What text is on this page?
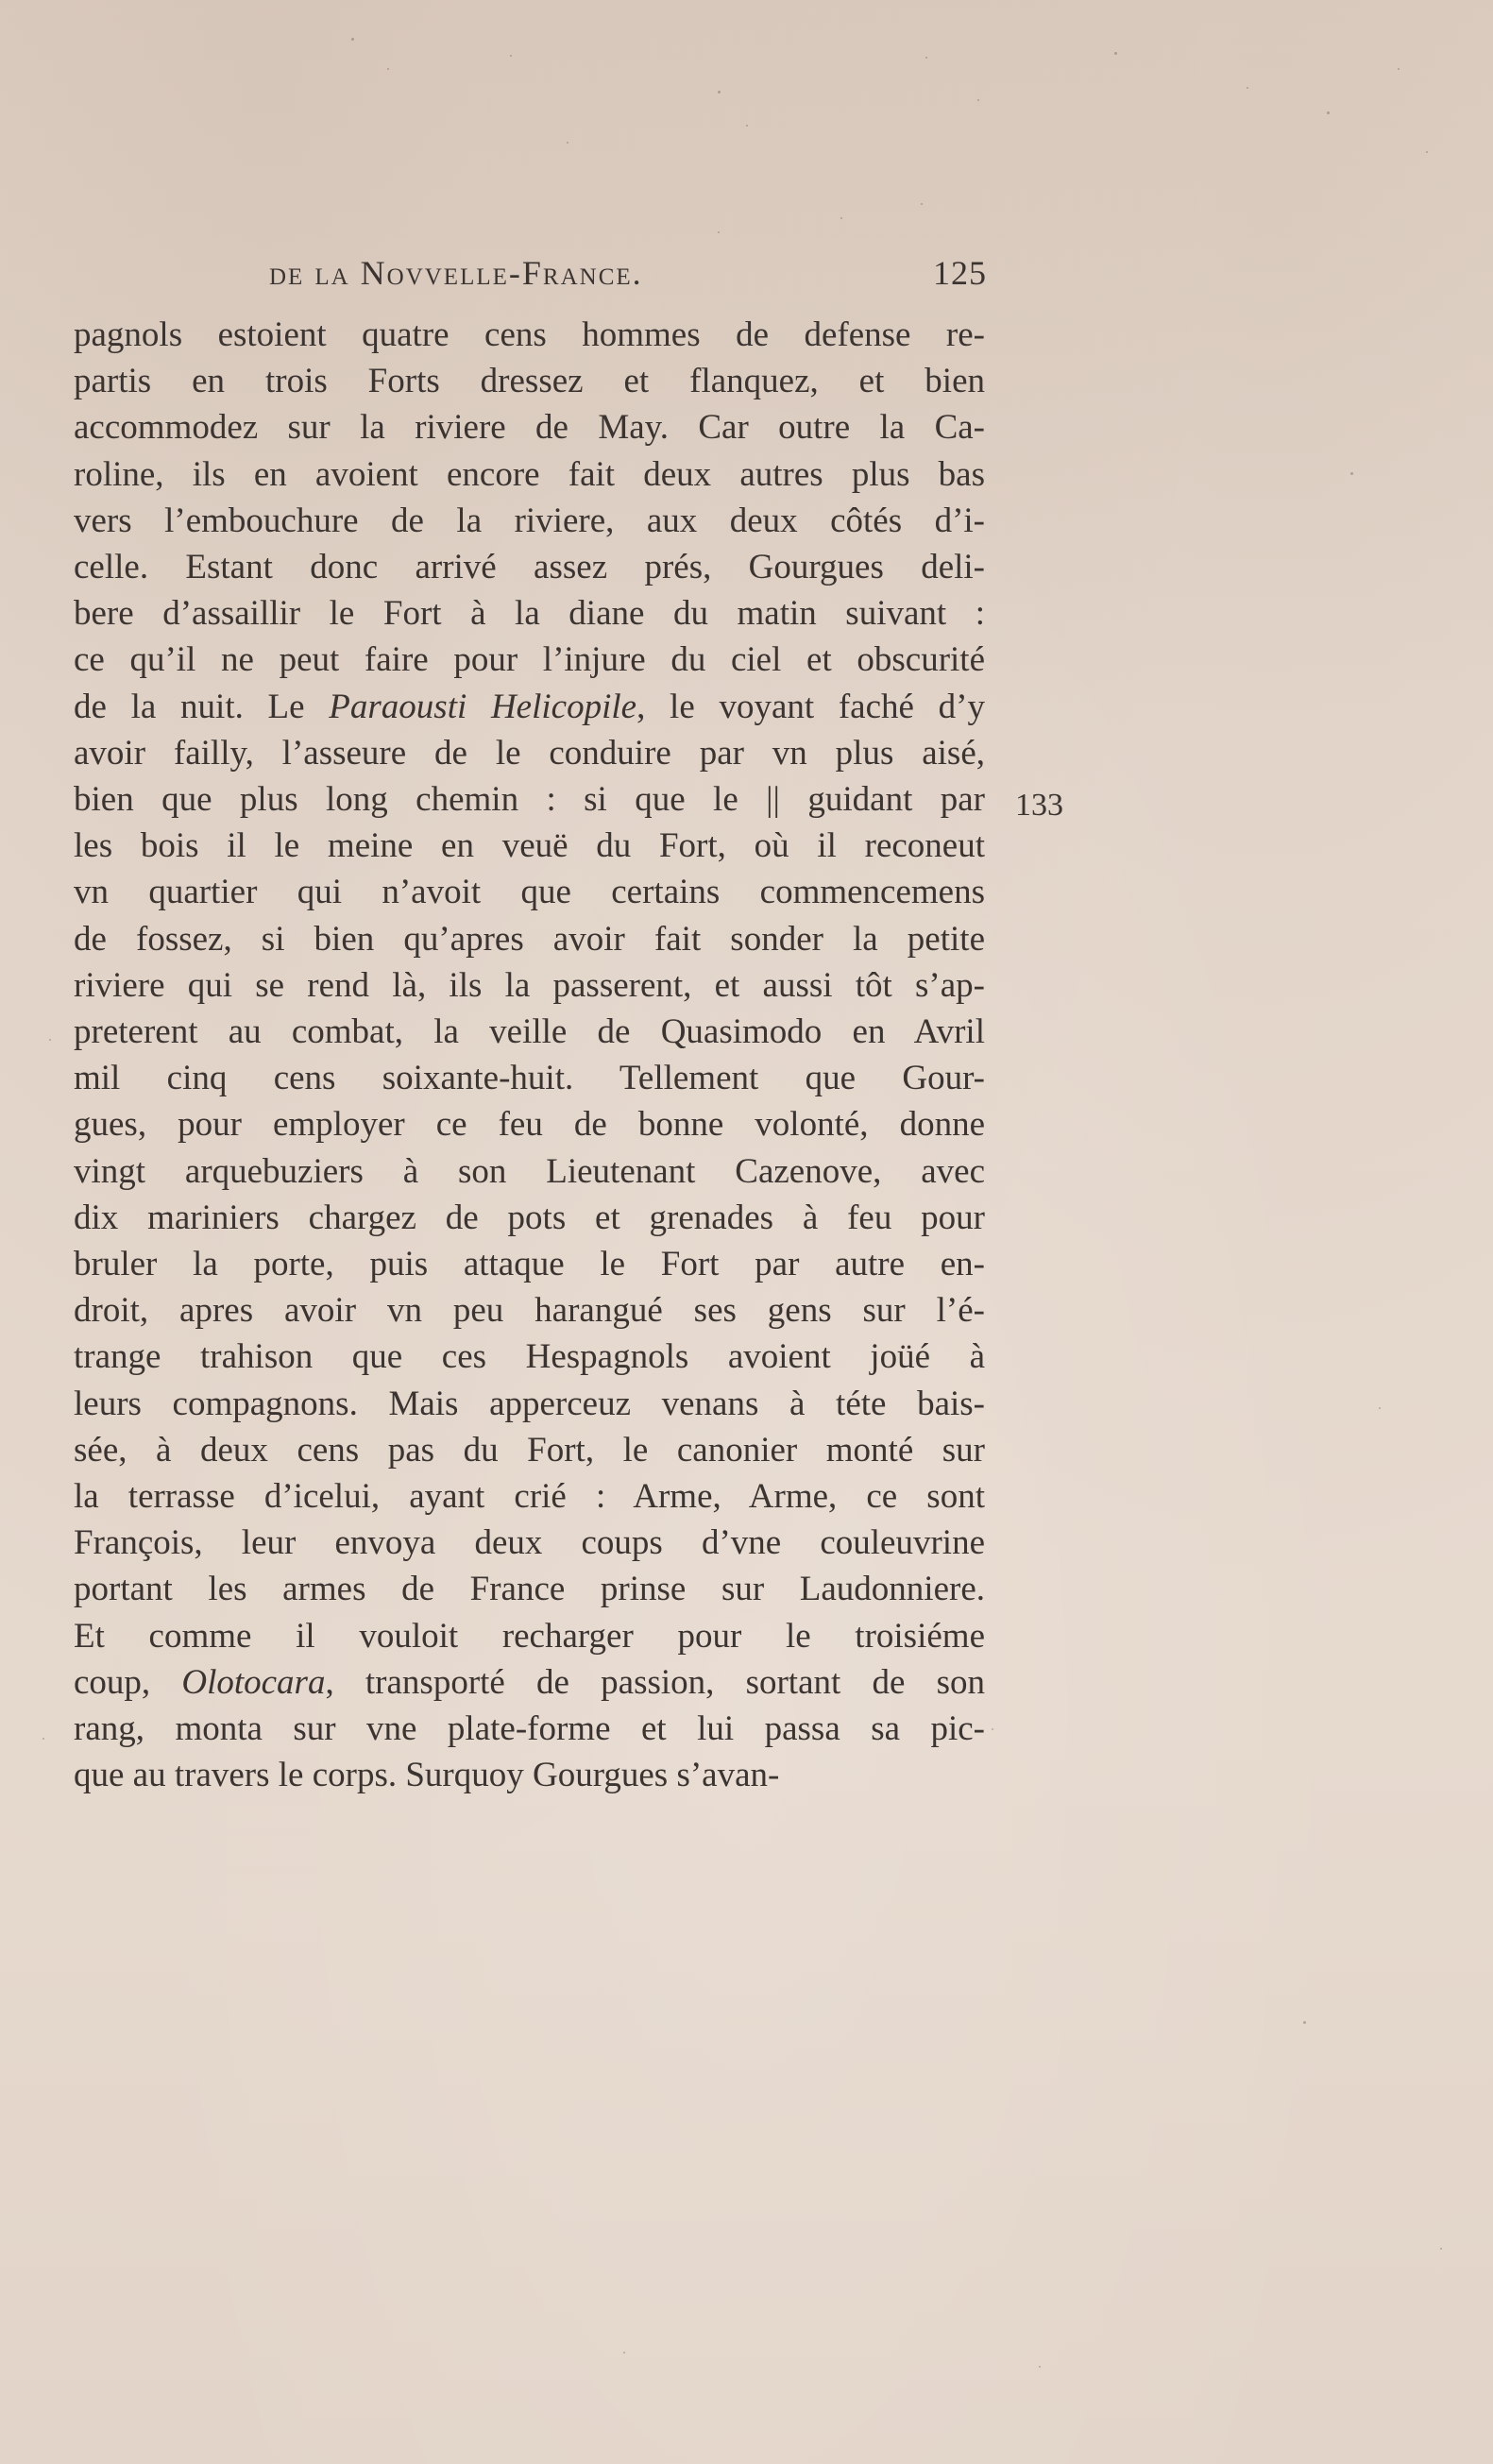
de la Novvelle-France.	125
pagnols estoient quatre cens hommes de defense re-
partis en trois Forts dressez et flanquez, et bien
accommodez sur la riviere de May. Car outre la Ca-
roline, ils en avoient encore fait deux autres plus bas
vers l’embouchure de la riviere, aux deux côtés d’i-
celle. Estant donc arrivé assez prés, Gourgues deli-
bere d’assaillir le Fort à la diane du matin suivant :
ce qu’il ne peut faire pour l’injure du ciel et obscurité
de la nuit. Le Paraousti Helicopile, le voyant faché d’y
avoir failly, l’asseure de le conduire par vn plus aisé,
bien que plus long chemin : si que le || guidant par
les bois il le meine en veuë du Fort, où il reconeut
vn quartier qui n’avoit que certains commencemens
de fossez, si bien qu’apres avoir fait sonder la petite
riviere qui se rend là, ils la passerent, et aussi tôt s’ap-
preterent au combat, la veille de Quasimodo en Avril
mil cinq cens soixante-huit. Tellement que Gour-
gues, pour employer ce feu de bonne volonté, donne
vingt arquebuziers à son Lieutenant Cazenove, avec
dix mariniers chargez de pots et grenades à feu pour
bruler la porte, puis attaque le Fort par autre en-
droit, apres avoir vn peu harangué ses gens sur l’é-
trange trahison que ces Hespagnols avoient joüé à
leurs compagnons. Mais apperceuz venans à téte bais-
sée, à deux cens pas du Fort, le canonier monté sur
la terrasse d’icelui, ayant crié : Arme, Arme, ce sont
François, leur envoya deux coups d’vne couleuvrine
portant les armes de France prinse sur Laudonniere.
Et comme il vouloit recharger pour le troisiéme
coup, Olotocara, transporté de passion, sortant de son
rang, monta sur vne plate-forme et lui passa sa pic-
que au travers le corps. Surquoy Gourgues s’avan-
133
